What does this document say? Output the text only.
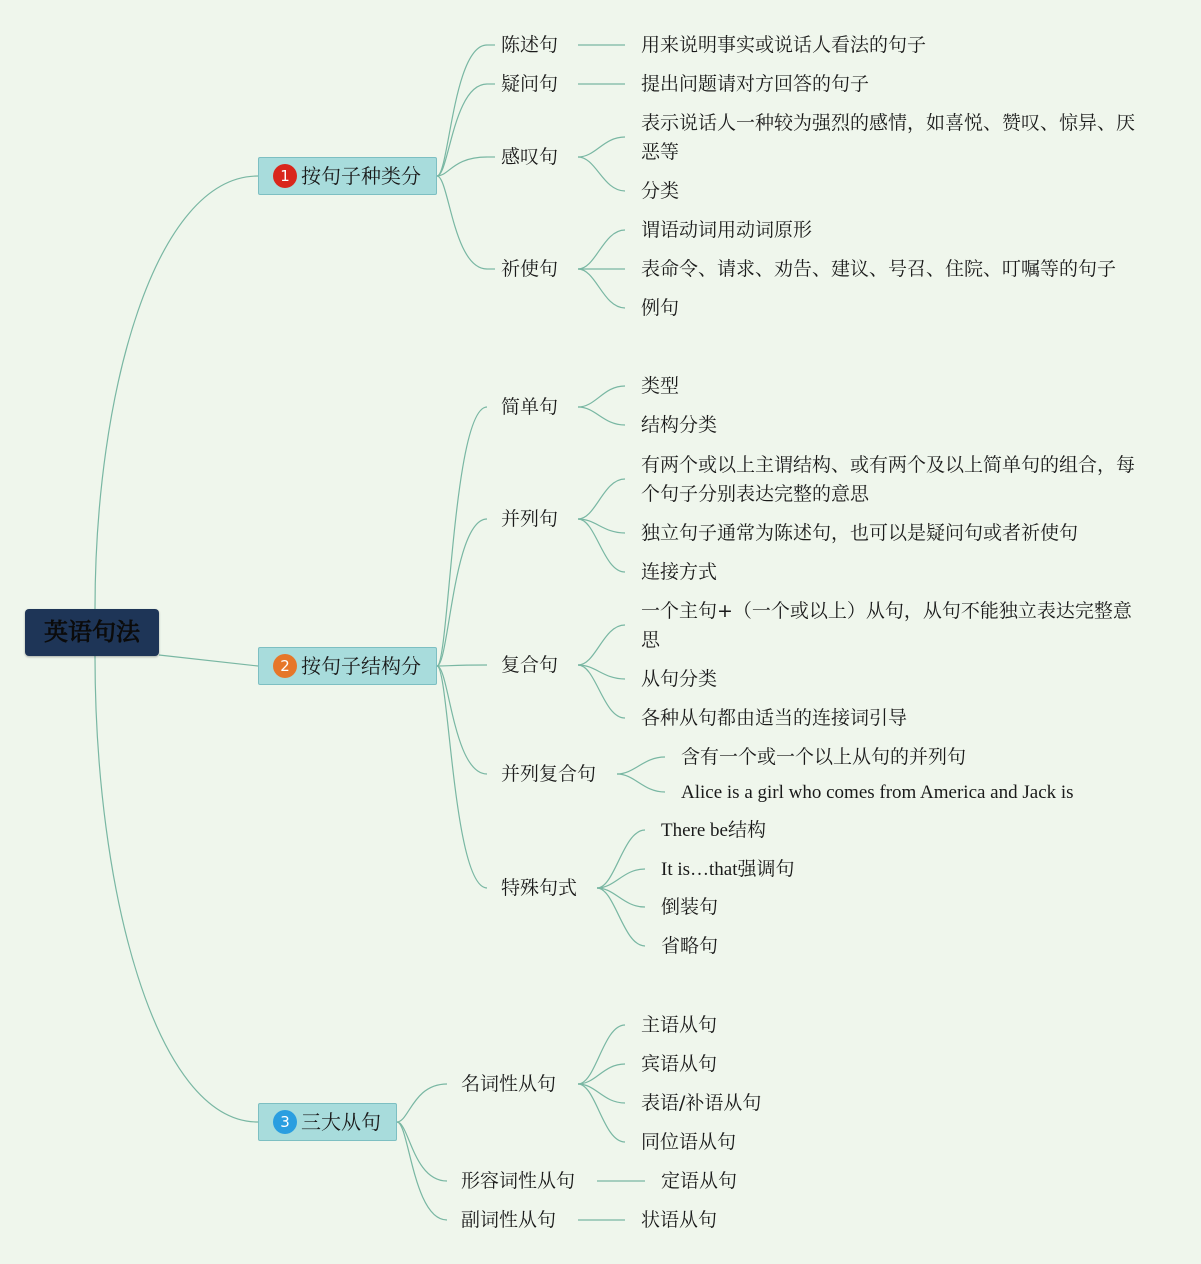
英语句法
1 按句子种类分
陈述句	用来说明事实或说话人看法的句子
疑问句	提出问题请对方回答的句子
感叹句
表示说话人一种较为强烈的感情，如喜悦、赞叹、惊异、厌恶等
分类
祈使句
谓语动词用动词原形
表命令、请求、劝告、建议、号召、住院、叮嘱等的句子
例句
2 按句子结构分
简单句
类型
结构分类
并列句
有两个或以上主谓结构、或有两个及以上简单句的组合，每个句子分别表达完整的意思
独立句子通常为陈述句，也可以是疑问句或者祈使句
连接方式
复合句
一个主句+（一个或以上）从句，从句不能独立表达完整意思
从句分类
各种从句都由适当的连接词引导
并列复合句
含有一个或一个以上从句的并列句
Alice is a girl who comes from America and Jack is
特殊句式
There be结构
It is…that强调句
倒装句
省略句
3 三大从句
名词性从句
主语从句
宾语从句
表语/补语从句
同位语从句
形容词性从句	定语从句
副词性从句	状语从句
